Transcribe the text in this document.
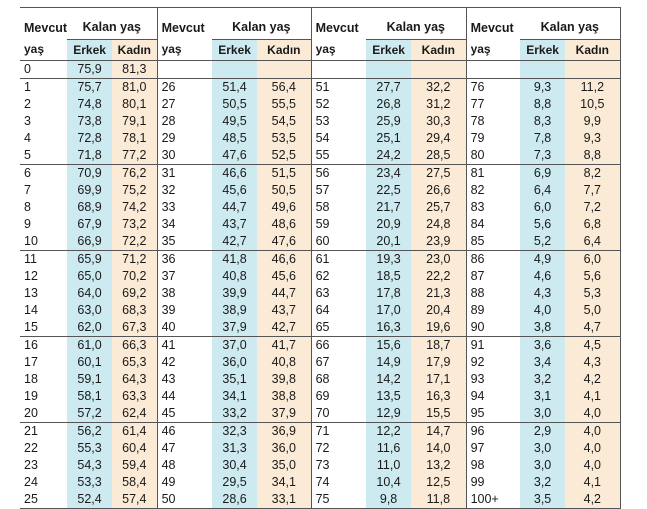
Mevcut	Kalan yaş		Mevcut	Kalan yaş		Mevcut	Kalan yaş		Mevcut	Kalan yaş	
yaş	Erkek	Kadın	yaş	Erkek	Kadın	yaş	Erkek	Kadın	yaş	Erkek	Kadın
0	75,9	81,3									
1	75,7	81,0	26	51,4	56,4	51	27,7	32,2	76	9,3	11,2
2	74,8	80,1	27	50,5	55,5	52	26,8	31,2	77	8,8	10,5
3	73,8	79,1	28	49,5	54,5	53	25,9	30,3	78	8,3	9,9
4	72,8	78,1	29	48,5	53,5	54	25,1	29,4	79	7,8	9,3
5	71,8	77,2	30	47,6	52,5	55	24,2	28,5	80	7,3	8,8
6	70,9	76,2	31	46,6	51,5	56	23,4	27,5	81	6,9	8,2
7	69,9	75,2	32	45,6	50,5	57	22,5	26,6	82	6,4	7,7
8	68,9	74,2	33	44,7	49,6	58	21,7	25,7	83	6,0	7,2
9	67,9	73,2	34	43,7	48,6	59	20,9	24,8	84	5,6	6,8
10	66,9	72,2	35	42,7	47,6	60	20,1	23,9	85	5,2	6,4
11	65,9	71,2	36	41,8	46,6	61	19,3	23,0	86	4,9	6,0
12	65,0	70,2	37	40,8	45,6	62	18,5	22,2	87	4,6	5,6
13	64,0	69,2	38	39,9	44,7	63	17,8	21,3	88	4,3	5,3
14	63,0	68,3	39	38,9	43,7	64	17,0	20,4	89	4,0	5,0
15	62,0	67,3	40	37,9	42,7	65	16,3	19,6	90	3,8	4,7
16	61,0	66,3	41	37,0	41,7	66	15,6	18,7	91	3,6	4,5
17	60,1	65,3	42	36,0	40,8	67	14,9	17,9	92	3,4	4,3
18	59,1	64,3	43	35,1	39,8	68	14,2	17,1	93	3,2	4,2
19	58,1	63,3	44	34,1	38,8	69	13,5	16,3	94	3,1	4,1
20	57,2	62,4	45	33,2	37,9	70	12,9	15,5	95	3,0	4,0
21	56,2	61,4	46	32,3	36,9	71	12,2	14,7	96	2,9	4,0
22	55,3	60,4	47	31,3	36,0	72	11,6	14,0	97	3,0	4,0
23	54,3	59,4	48	30,4	35,0	73	11,0	13,2	98	3,0	4,0
24	53,3	58,4	49	29,5	34,1	74	10,4	12,5	99	3,2	4,1
25	52,4	57,4	50	28,6	33,1	75	9,8	11,8	100+	3,5	4,2
